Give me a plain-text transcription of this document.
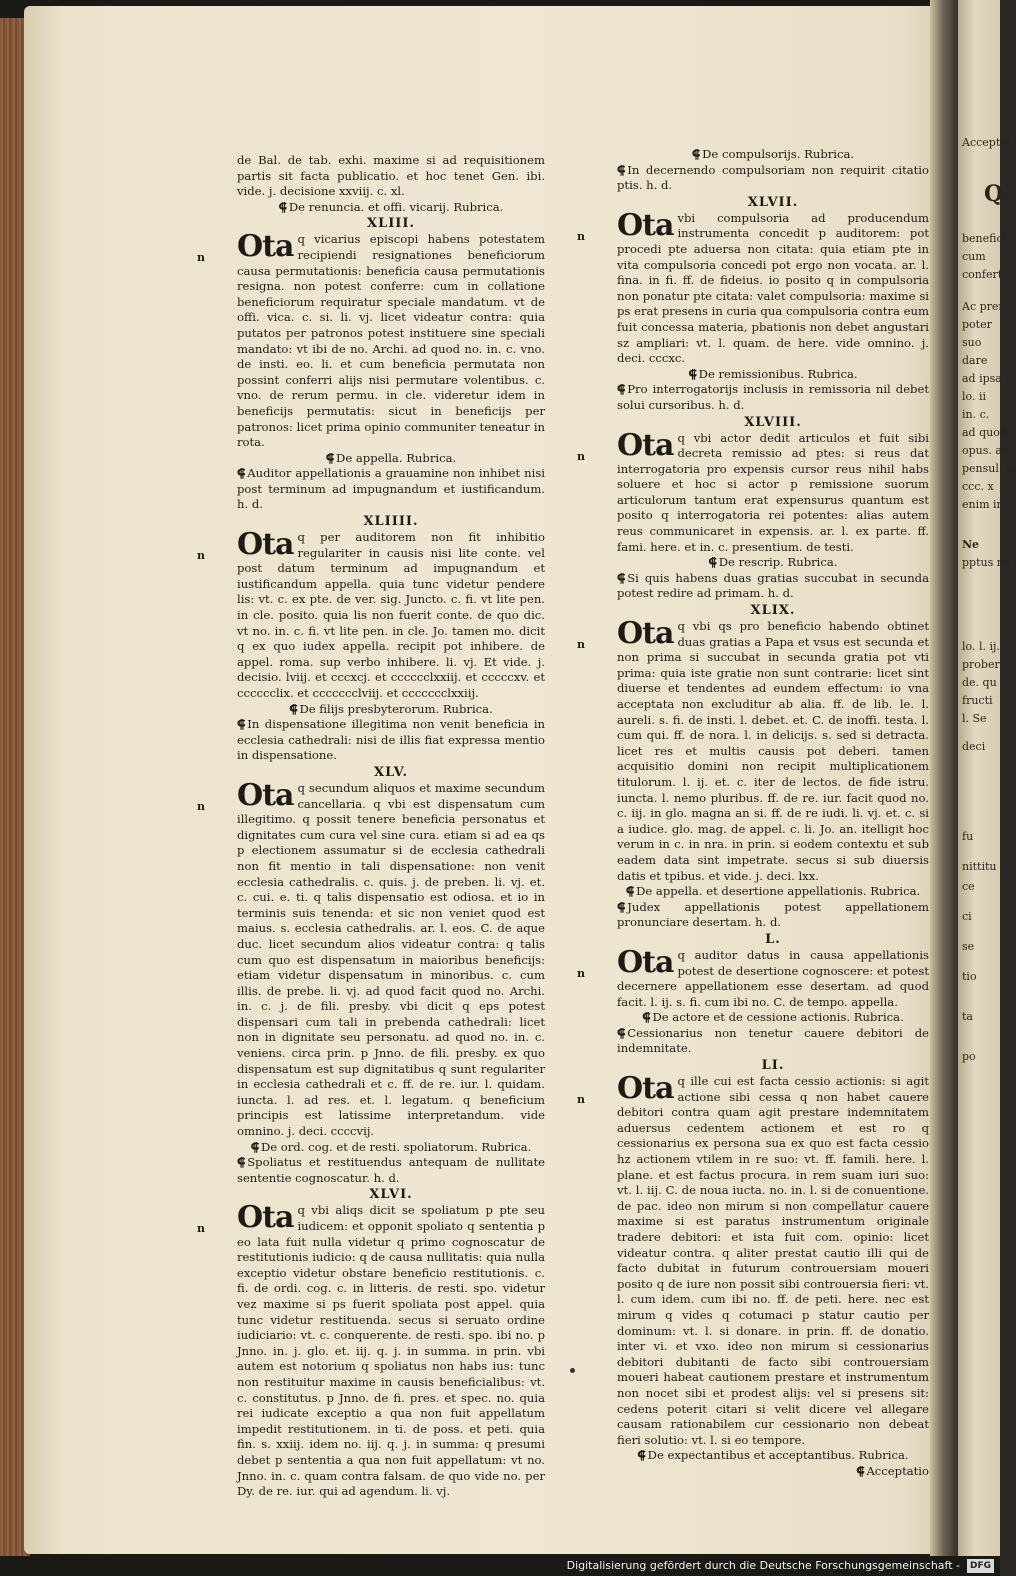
Acceptat
Q
benefici
cum
confert
Ac prer
poter
suo
dare
ad ipsa
lo. ii
in. c.
ad quod
opus. ad
pensul. al
ccc. x
enim in
Ne
pptus na
lo. l. ij.
prober
de. qu
fructi
l. Se
deci
fu
nittitu
ce
ci
se
tio
ta
po

de Bal. de tab. exhi. maxime si ad requisitionem partis sit facta publicatio. et hoc tenet Gen. ibi. vide. j. decisione xxviij. c. xl.

⸿ De renuncia. et offi. vicarij. Rubrica.

XLIII.

n Ota q vicarius episcopi habens potestatem recipiendi resignationes beneficiorum causa permutationis: beneficia causa permutationis resigna. non potest conferre: cum in collatione beneficiorum requiratur speciale mandatum. vt de offi. vica. c. si. li. vj. licet videatur contra: quia putatos per patronos potest instituere sine speciali mandato: vt ibi de no. Archi. ad quod no. in. c. vno. de insti. eo. li. et cum beneficia permutata non possint conferri alijs nisi permutare volentibus. c. vno. de rerum permu. in cle. videretur idem in beneficijs permutatis: sicut in beneficijs per patronos: licet prima opinio communiter teneatur in rota.

⸿ De appella. Rubrica.

⸿ Auditor appellationis a grauamine non inhibet nisi post terminum ad impugnandum et iustificandum. h. d.

XLIIII.

n Ota q per auditorem non fit inhibitio regulariter in causis nisi lite conte. vel post datum terminum ad impugnandum et iustificandum appella. quia tunc videtur pendere lis: vt. c. ex pte. de ver. sig. Juncto. c. fi. vt lite pen. in cle. posito. quia lis non fuerit conte. de quo dic. vt no. in. c. fi. vt lite pen. in cle. Jo. tamen mo. dicit q ex quo iudex appella. recipit pot inhibere. de appel. roma. sup verbo inhibere. li. vj. Et vide. j. decisio. lviij. et cccxcj. et cccccclxxiij. et cccccxv. et cccccclix. et ccccccclviij. et ccccccclxxiij.

⸿ De filijs presbyterorum. Rubrica.

⸿ In dispensatione illegitima non venit beneficia in ecclesia cathedrali: nisi de illis fiat expressa mentio in dispensatione.

XLV.

n Ota q secundum aliquos et maxime secundum cancellaria. q vbi est dispensatum cum illegitimo. q possit tenere beneficia personatus et dignitates cum cura vel sine cura. etiam si ad ea qs p electionem assumatur si de ecclesia cathedrali non fit mentio in tali dispensatione: non venit ecclesia cathedralis. c. quis. j. de preben. li. vj. et. c. cui. e. ti. q talis dispensatio est odiosa. et io in terminis suis tenenda: et sic non veniet quod est maius. s. ecclesia cathedralis. ar. l. eos. C. de aque duc. licet secundum alios videatur contra: q talis cum quo est dispensatum in maioribus beneficijs: etiam videtur dispensatum in minoribus. c. cum illis. de prebe. li. vj. ad quod facit quod no. Archi. in. c. j. de fili. presby. vbi dicit q eps potest dispensari cum tali in prebenda cathedrali: licet non in dignitate seu personatu. ad quod no. in. c. veniens. circa prin. p Jnno. de fili. presby. ex quo dispensatum est sup dignitatibus q sunt regulariter in ecclesia cathedrali et c. ff. de re. iur. l. quidam. iuncta. l. ad res. et. l. legatum. q beneficium principis est latissime interpretandum. vide omnino. j. deci. ccccvij.

⸿ De ord. cog. et de resti. spoliatorum. Rubrica.

⸿ Spoliatus et restituendus antequam de nullitate sententie cognoscatur. h. d.

XLVI.

n Ota q vbi aliqs dicit se spoliatum p pte seu iudicem: et opponit spoliato q sententia p eo lata fuit nulla videtur q primo cognoscatur de restitutionis iudicio: q de causa nullitatis: quia nulla exceptio videtur obstare beneficio restitutionis. c. fi. de ordi. cog. c. in litteris. de resti. spo. videtur vez maxime si ps fuerit spoliata post appel. quia tunc videtur restituenda. secus si seruato ordine iudiciario: vt. c. conquerente. de resti. spo. ibi no. p Jnno. in. j. glo. et. iij. q. j. in summa. in prin. vbi autem est notorium q spoliatus non habs ius: tunc non restituitur maxime in causis beneficialibus: vt. c. constitutus. p Jnno. de fi. pres. et spec. no. quia rei iudicate exceptio a qua non fuit appellatum impedit restitutionem. in ti. de poss. et peti. quia fin. s. xxiij. idem no. iij. q. j. in summa: q presumi debet p sententia a qua non fuit appellatum: vt no. Jnno. in. c. quam contra falsam. de quo vide no. per Dy. de re. iur. qui ad agendum. li. vj.

⸿ De compulsorijs. Rubrica.

⸿ In decernendo compulsoriam non requirit citatio ptis. h. d.

XLVII.

n Ota vbi compulsoria ad producendum instrumenta concedit p auditorem: pot procedi pte aduersa non citata: quia etiam pte in vita compulsoria concedi pot ergo non vocata. ar. l. fina. in fi. ff. de fideius. io posito q in compulsoria non ponatur pte citata: valet compulsoria: maxime si ps erat presens in curia qua compulsoria contra eum fuit concessa materia, pbationis non debet angustari sz ampliari: vt. l. quam. de here. vide omnino. j. deci. cccxc.

⸿ De remissionibus. Rubrica.

⸿ Pro interrogatorijs inclusis in remissoria nil debet solui cursoribus. h. d.

XLVIII.

n Ota q vbi actor dedit articulos et fuit sibi decreta remissio ad ptes: si reus dat interrogatoria pro expensis cursor reus nihil habs soluere et hoc si actor p remissione suorum articulorum tantum erat expensurus quantum est posito q interrogatoria rei potentes: alias autem reus communicaret in expensis. ar. l. ex parte. ff. fami. here. et in. c. presentium. de testi.

⸿ De rescrip. Rubrica.

⸿ Si quis habens duas gratias succubat in secunda potest redire ad primam. h. d.

XLIX.

n Ota q vbi qs pro beneficio habendo obtinet duas gratias a Papa et vsus est secunda et non prima si succubat in secunda gratia pot vti prima: quia iste gratie non sunt contrarie: licet sint diuerse et tendentes ad eundem effectum: io vna acceptata non excluditur ab alia. ff. de lib. le. l. aureli. s. fi. de insti. l. debet. et. C. de inoffi. testa. l. cum qui. ff. de nora. l. in delicijs. s. sed si detracta. licet res et multis causis pot deberi. tamen acquisitio domini non recipit multiplicationem titulorum. l. ij. et. c. iter de lectos. de fide istru. iuncta. l. nemo pluribus. ff. de re. iur. facit quod no. c. iij. in glo. magna an si. ff. de re iudi. li. vj. et. c. si a iudice. glo. mag. de appel. c. li. Jo. an. itelligit hoc verum in c. in nra. in prin. si eodem contextu et sub eadem data sint impetrate. secus si sub diuersis datis et tpibus. et vide. j. deci. lxx.

⸿ De appella. et desertione appellationis. Rubrica.

⸿ Judex appellationis potest appellationem pronunciare desertam. h. d.

L.

n Ota q auditor datus in causa appellationis potest de desertione cognoscere: et potest decernere appellationem esse desertam. ad quod facit. l. ij. s. fi. cum ibi no. C. de tempo. appella.

⸿ De actore et de cessione actionis. Rubrica.

⸿ Cessionarius non tenetur cauere debitori de indemnitate.

LI.

n Ota q ille cui est facta cessio actionis: si agit actione sibi cessa q non habet cauere debitori contra quam agit prestare indemnitatem aduersus cedentem actionem et est ro q cessionarius ex persona sua ex quo est facta cessio hz actionem vtilem in re suo: vt. ff. famili. here. l. plane. et est factus procura. in rem suam iuri suo: vt. l. iij. C. de noua iucta. no. in. l. si de conuentione. de pac. ideo non mirum si non compellatur cauere maxime si est paratus instrumentum originale tradere debitori: et ista fuit com. opinio: licet videatur contra. q aliter prestat cautio illi qui de facto dubitat in futurum controuersiam moueri posito q de iure non possit sibi controuersia fieri: vt. l. cum idem. cum ibi no. ff. de peti. here. nec est mirum q vides q cotumaci p statur cautio per dominum: vt. l. si donare. in prin. ff. de donatio. inter vi. et vxo. ideo non mirum si cessionarius debitori dubitanti de facto sibi controuersiam moueri habeat cautionem prestare et instrumentum non nocet sibi et prodest alijs: vel si presens sit: cedens poterit citari si velit dicere vel allegare causam rationabilem cur cessionario non debeat fieri solutio: vt. l. si eo tempore.

⸿ De expectantibus et acceptantibus. Rubrica.

⸿ Acceptatio

Digitalisierung gefördert durch die Deutsche Forschungsgemeinschaft -	DFG
